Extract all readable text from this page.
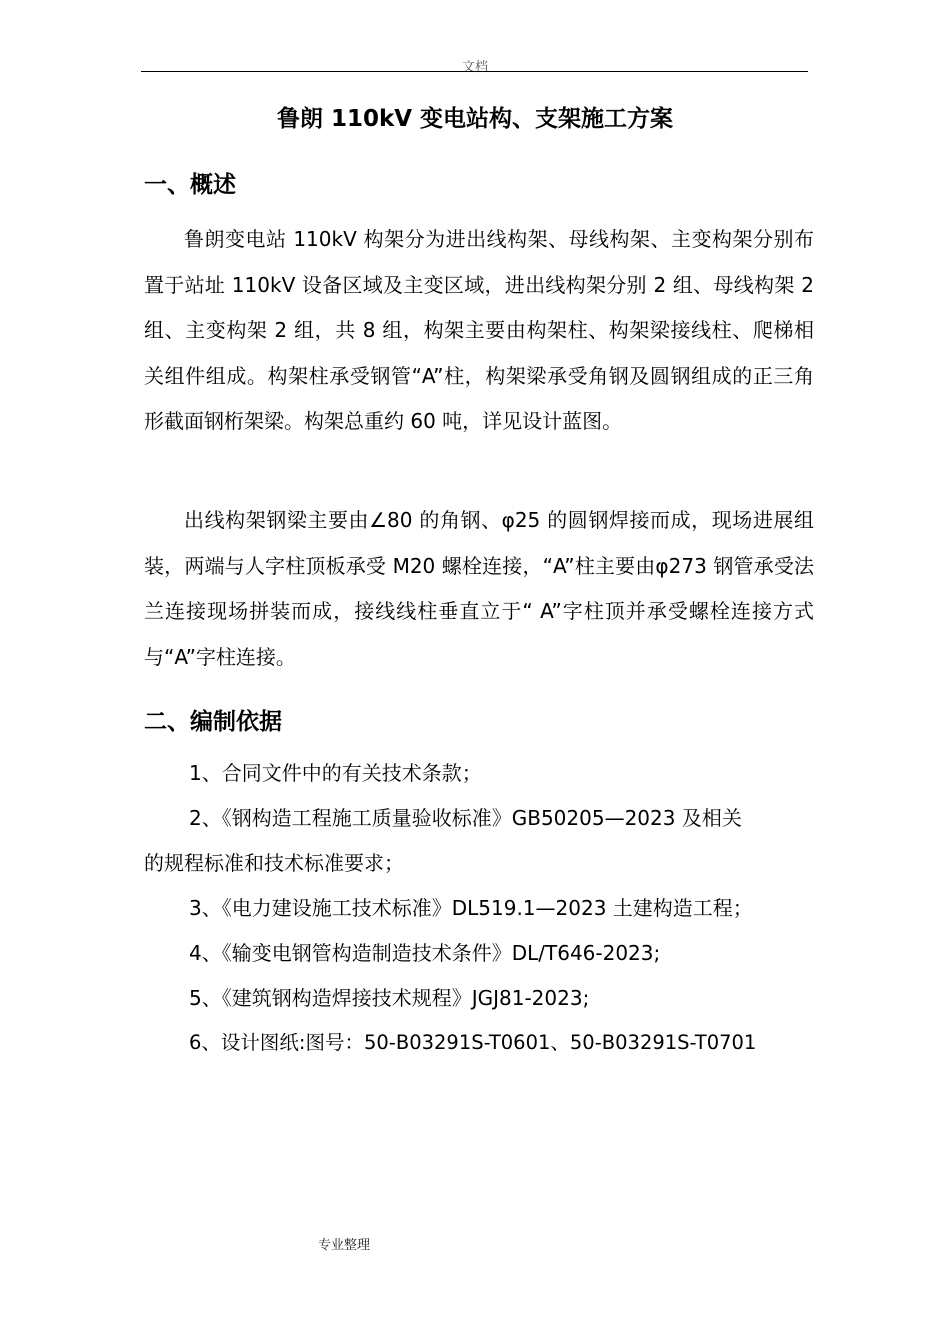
文档
鲁朗 110kV 变电站构、支架施工方案
一、概述
鲁朗变电站 110kV 构架分为进出线构架、母线构架、主变构架分别布置于站址 110kV 设备区域及主变区域，进出线构架分别 2 组、母线构架 2 组、主变构架 2 组，共 8 组，构架主要由构架柱、构架梁接线柱、爬梯相关组件组成。构架柱承受钢管“A”柱，构架梁承受角钢及圆钢组成的正三角形截面钢桁架梁。构架总重约 60 吨，详见设计蓝图。
出线构架钢梁主要由∠80 的角钢、φ25 的圆钢焊接而成，现场进展组装，两端与人字柱顶板承受 M20 螺栓连接，“A”柱主要由φ273 钢管承受法兰连接现场拼装而成，接线线柱垂直立于“ A”字柱顶并承受螺栓连接方式与“A”字柱连接。
二、编制依据
1、合同文件中的有关技术条款；
2、《钢构造工程施工质量验收标准》GB50205—2023 及相关
的规程标准和技术标准要求；
3、《电力建设施工技术标准》DL519.1—2023 土建构造工程；
4、《输变电钢管构造制造技术条件》DL/T646-2023;
5、《建筑钢构造焊接技术规程》JGJ81-2023;
6、设计图纸:图号：50-B03291S-T0601、50-B03291S-T0701
专业整理
